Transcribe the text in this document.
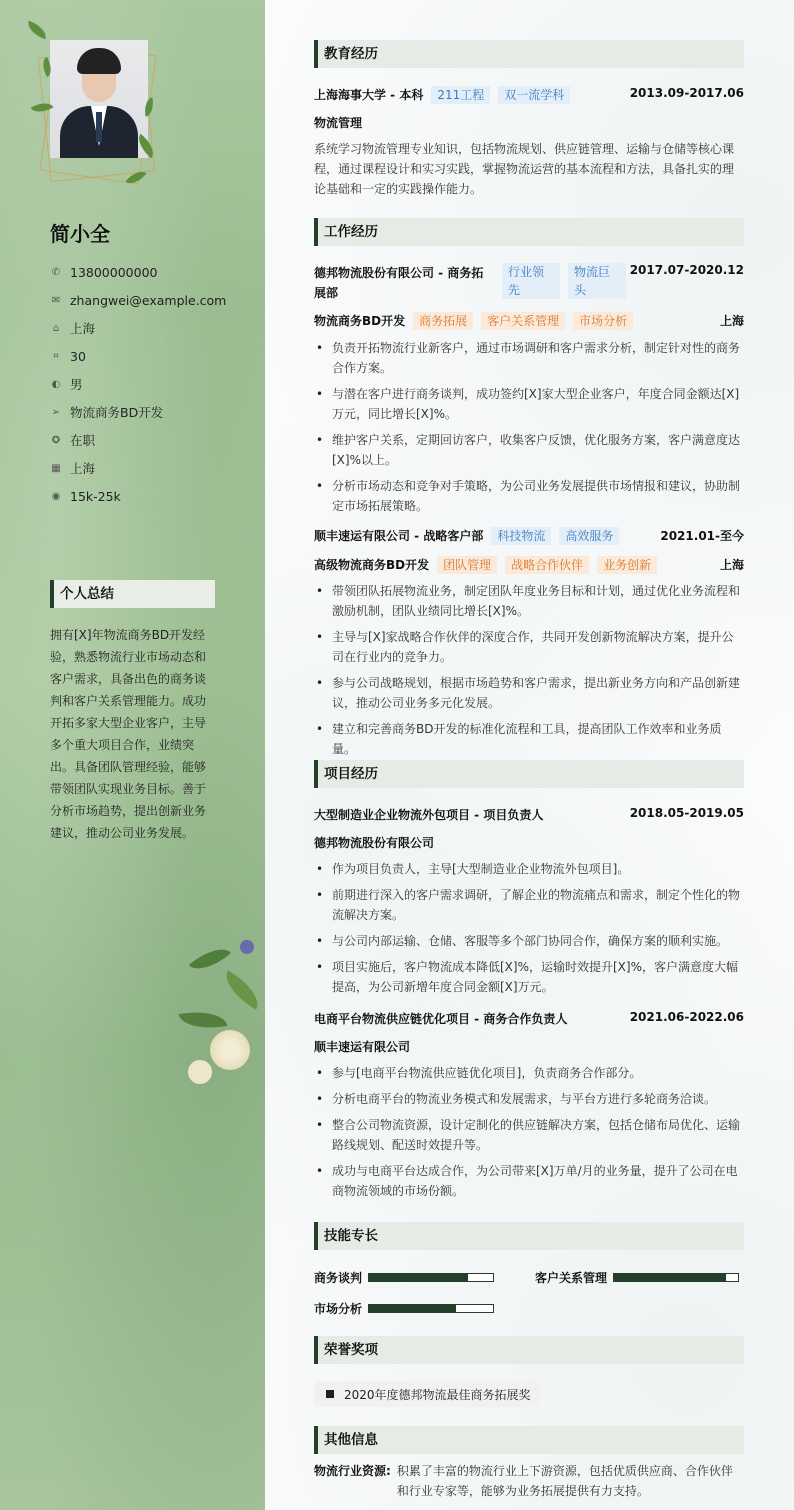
简小全
✆ 13800000000
✉ zhangwei@example.com
⌂ 上海
⌗ 30
◐ 男
➢ 物流商务BD开发
✪ 在职
▦ 上海
◉ 15k-25k
个人总结
拥有[X]年物流商务BD开发经验，熟悉物流行业市场动态和客户需求，具备出色的商务谈判和客户关系管理能力。成功开拓多家大型企业客户，主导多个重大项目合作，业绩突出。具备团队管理经验，能够带领团队实现业务目标。善于分析市场趋势，提出创新业务建议，推动公司业务发展。
教育经历
上海海事大学 - 本科	211工程	双一流学科	2013.09-2017.06
物流管理
系统学习物流管理专业知识，包括物流规划、供应链管理、运输与仓储等核心课程，通过课程设计和实习实践，掌握物流运营的基本流程和方法，具备扎实的理论基础和一定的实践操作能力。
工作经历
德邦物流股份有限公司 - 商务拓展部
行业领先
物流巨头
2017.07-2020.12
物流商务BD开发	商务拓展	客户关系管理	市场分析	上海
• 负责开拓物流行业新客户，通过市场调研和客户需求分析，制定针对性的商务合作方案。
• 与潜在客户进行商务谈判，成功签约[X]家大型企业客户，年度合同金额达[X]万元，同比增长[X]%。
• 维护客户关系，定期回访客户，收集客户反馈，优化服务方案，客户满意度达[X]%以上。
• 分析市场动态和竞争对手策略，为公司业务发展提供市场情报和建议，协助制定市场拓展策略。
顺丰速运有限公司 - 战略客户部	科技物流	高效服务	2021.01-至今
高级物流商务BD开发	团队管理	战略合作伙伴	业务创新	上海
• 带领团队拓展物流业务，制定团队年度业务目标和计划，通过优化业务流程和激励机制，团队业绩同比增长[X]%。
• 主导与[X]家战略合作伙伴的深度合作，共同开发创新物流解决方案，提升公司在行业内的竞争力。
• 参与公司战略规划，根据市场趋势和客户需求，提出新业务方向和产品创新建议，推动公司业务多元化发展。
• 建立和完善商务BD开发的标准化流程和工具，提高团队工作效率和业务质量。
项目经历
大型制造业企业物流外包项目 - 项目负责人	2018.05-2019.05
德邦物流股份有限公司
• 作为项目负责人，主导[大型制造业企业物流外包项目]。
• 前期进行深入的客户需求调研，了解企业的物流痛点和需求，制定个性化的物流解决方案。
• 与公司内部运输、仓储、客服等多个部门协同合作，确保方案的顺利实施。
• 项目实施后，客户物流成本降低[X]%，运输时效提升[X]%，客户满意度大幅提高，为公司新增年度合同金额[X]万元。
电商平台物流供应链优化项目 - 商务合作负责人	2021.06-2022.06
顺丰速运有限公司
• 参与[电商平台物流供应链优化项目]，负责商务合作部分。
• 分析电商平台的物流业务模式和发展需求，与平台方进行多轮商务洽谈。
• 整合公司物流资源，设计定制化的供应链解决方案，包括仓储布局优化、运输路线规划、配送时效提升等。
• 成功与电商平台达成合作，为公司带来[X]万单/月的业务量，提升了公司在电商物流领域的市场份额。
技能专长
商务谈判	客户关系管理
市场分析
荣誉奖项
2020年度德邦物流最佳商务拓展奖
其他信息
物流行业资源: 积累了丰富的物流行业上下游资源，包括优质供应商、合作伙伴和行业专家等，能够为业务拓展提供有力支持。
